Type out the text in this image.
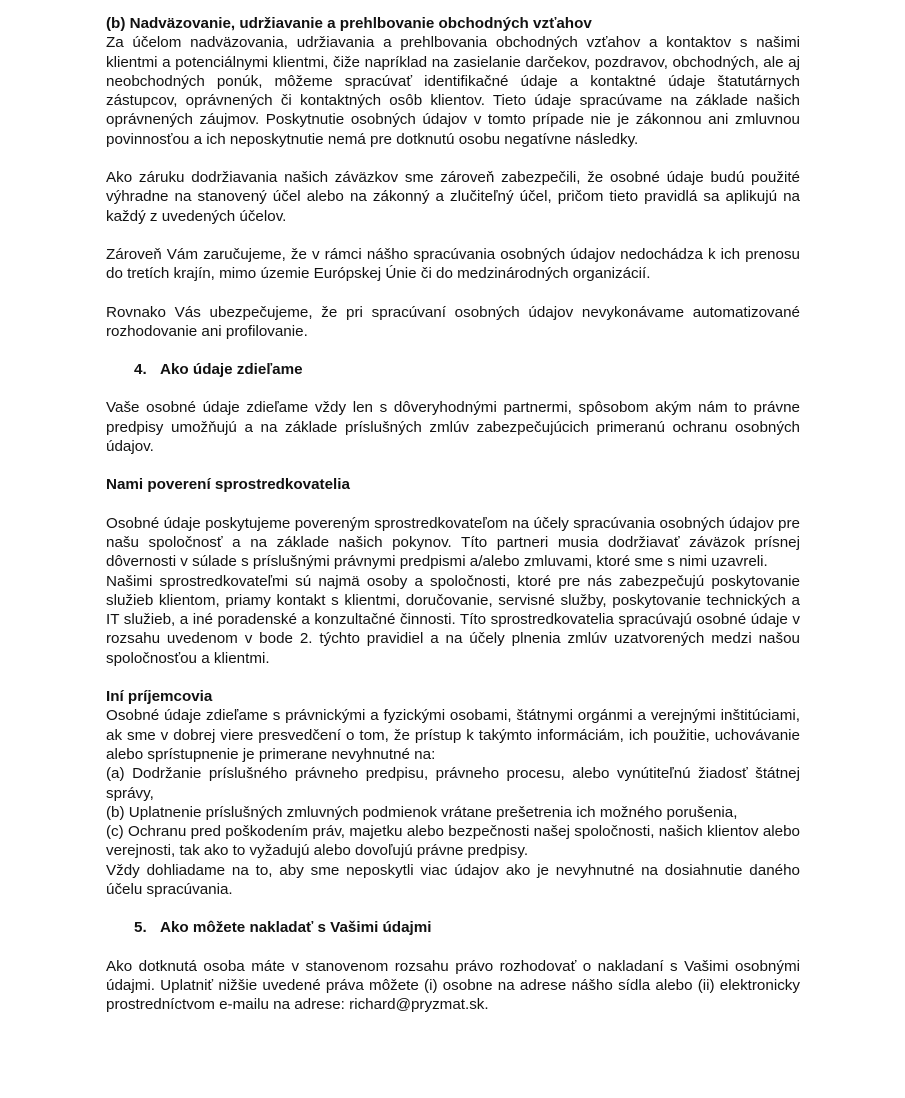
(b) Nadväzovanie, udržiavanie a prehlbovanie obchodných vzťahov

Za účelom nadväzovania, udržiavania a prehlbovania obchodných vzťahov a kontaktov s našimi klientmi a potenciálnymi klientmi, čiže napríklad na zasielanie darčekov, pozdravov, obchodných, ale aj neobchodných ponúk, môžeme spracúvať identifikačné údaje a kontaktné údaje štatutárnych zástupcov, oprávnených či kontaktných osôb klientov. Tieto údaje spracúvame na základe našich oprávnených záujmov. Poskytnutie osobných údajov v tomto prípade nie je zákonnou ani zmluvnou povinnosťou a ich neposkytnutie nemá pre dotknutú osobu negatívne následky.

Ako záruku dodržiavania našich záväzkov sme zároveň zabezpečili, že osobné údaje budú použité výhradne na stanovený účel alebo na zákonný a zlučiteľný účel, pričom tieto pravidlá sa aplikujú na každý z uvedených účelov.

Zároveň Vám zaručujeme, že v rámci nášho spracúvania osobných údajov nedochádza k ich prenosu do tretích krajín, mimo územie Európskej Únie či do medzinárodných organizácií.

Rovnako Vás ubezpečujeme, že pri spracúvaní osobných údajov nevykonávame automatizované rozhodovanie ani profilovanie.

4. Ako údaje zdieľame

Vaše osobné údaje zdieľame vždy len s dôveryhodnými partnermi, spôsobom akým nám to právne predpisy umožňujú a na základe príslušných zmlúv zabezpečujúcich primeranú ochranu osobných údajov.

Nami poverení sprostredkovatelia

Osobné údaje poskytujeme povereným sprostredkovateľom na účely spracúvania osobných údajov pre našu spoločnosť a na základe našich pokynov. Títo partneri musia dodržiavať záväzok prísnej dôvernosti v súlade s príslušnými právnymi predpismi a/alebo zmluvami, ktoré sme s nimi uzavreli.

Našimi sprostredkovateľmi sú najmä osoby a spoločnosti, ktoré pre nás zabezpečujú poskytovanie služieb klientom, priamy kontakt s klientmi, doručovanie, servisné služby, poskytovanie technických a IT služieb, a iné poradenské a konzultačné činnosti. Títo sprostredkovatelia spracúvajú osobné údaje v rozsahu uvedenom v bode 2. týchto pravidiel a na účely plnenia zmlúv uzatvorených medzi našou spoločnosťou a klientmi.

Iní príjemcovia

Osobné údaje zdieľame s právnickými a fyzickými osobami, štátnymi orgánmi a verejnými inštitúciami, ak sme v dobrej viere presvedčení o tom, že prístup k takýmto informáciám, ich použitie, uchovávanie alebo sprístupnenie je primerane nevyhnutné na:

(a) Dodržanie príslušného právneho predpisu, právneho procesu, alebo vynútiteľnú žiadosť štátnej správy,

(b) Uplatnenie príslušných zmluvných podmienok vrátane prešetrenia ich možného porušenia,

(c) Ochranu pred poškodením práv, majetku alebo bezpečnosti našej spoločnosti, našich klientov alebo verejnosti, tak ako to vyžadujú alebo dovoľujú právne predpisy.

Vždy dohliadame na to, aby sme neposkytli viac údajov ako je nevyhnutné na dosiahnutie daného účelu spracúvania.

5. Ako môžete nakladať s Vašimi údajmi

Ako dotknutá osoba máte v stanovenom rozsahu právo rozhodovať o nakladaní s Vašimi osobnými údajmi. Uplatniť nižšie uvedené práva môžete (i) osobne na adrese nášho sídla alebo (ii) elektronicky prostredníctvom e-mailu na adrese: richard@pryzmat.sk.
